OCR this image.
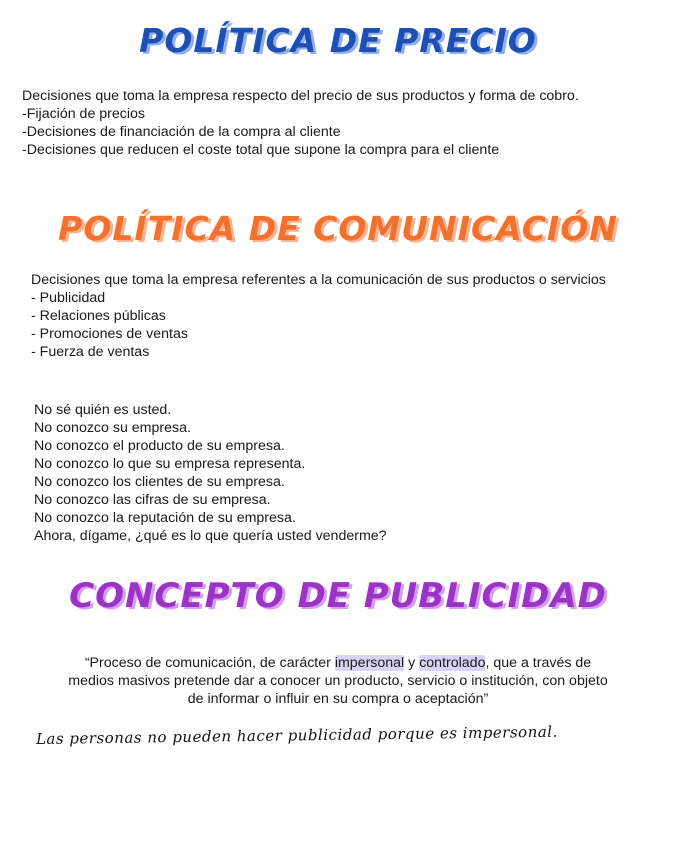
POLÍTICA DE PRECIO
Decisiones que toma la empresa respecto del precio de sus productos y forma de cobro.
-Fijación de precios
-Decisiones de financiación de la compra al cliente
-Decisiones que reducen el coste total que supone la compra para el cliente
POLÍTICA DE COMUNICACIÓN
Decisiones que toma la empresa referentes a la comunicación de sus productos o servicios
- Publicidad
- Relaciones públicas
- Promociones de ventas
- Fuerza de ventas
No sé quién es usted.
No conozco su empresa.
No conozco el producto de su empresa.
No conozco lo que su empresa representa.
No conozco los clientes de su empresa.
No conozco las cifras de su empresa.
No conozco la reputación de su empresa.
Ahora, dígame, ¿qué es lo que quería usted venderme?
CONCEPTO DE PUBLICIDAD
“Proceso de comunicación, de carácter impersonal y controlado, que a través de
medios masivos pretende dar a conocer un producto, servicio o institución, con objeto
de informar o influir en su compra o aceptación”
Las personas no pueden hacer publicidad porque es impersonal.
